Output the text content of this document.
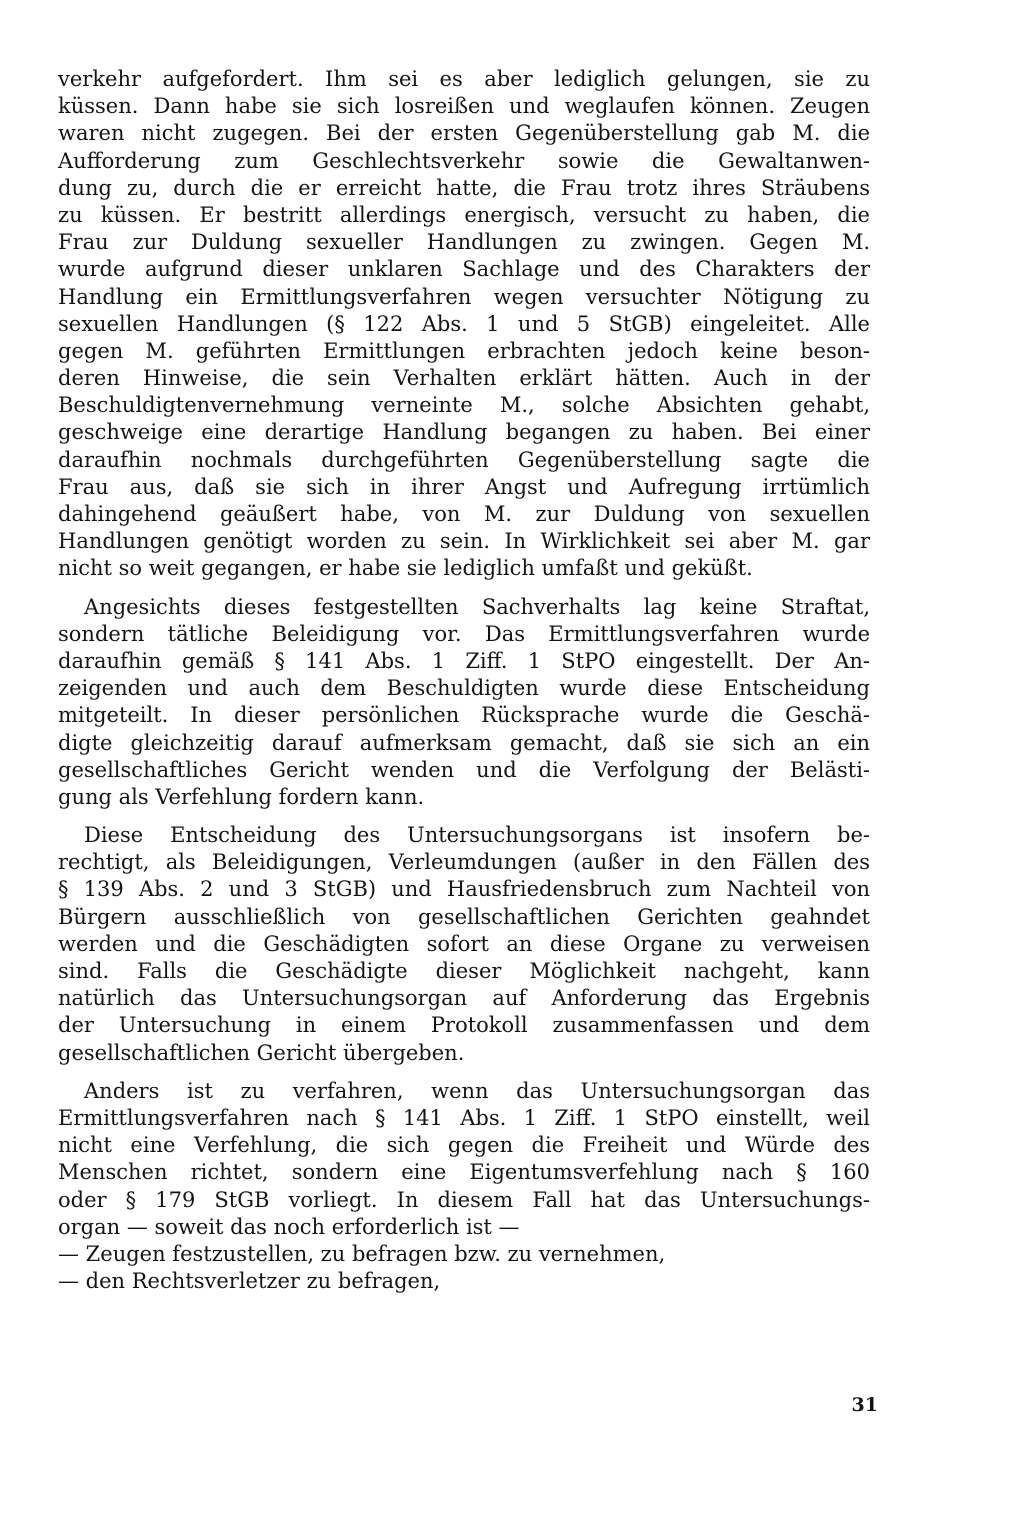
verkehr aufgefordert. Ihm sei es aber lediglich gelungen, sie zu
küssen. Dann habe sie sich losreißen und weglaufen können. Zeugen
waren nicht zugegen. Bei der ersten Gegenüberstellung gab M. die
Aufforderung zum Geschlechtsverkehr sowie die Gewaltanwen-
dung zu, durch die er erreicht hatte, die Frau trotz ihres Sträubens
zu küssen. Er bestritt allerdings energisch, versucht zu haben, die
Frau zur Duldung sexueller Handlungen zu zwingen. Gegen M.
wurde aufgrund dieser unklaren Sachlage und des Charakters der
Handlung ein Ermittlungsverfahren wegen versuchter Nötigung zu
sexuellen Handlungen (§ 122 Abs. 1 und 5 StGB) eingeleitet. Alle
gegen M. geführten Ermittlungen erbrachten jedoch keine beson-
deren Hinweise, die sein Verhalten erklärt hätten. Auch in der
Beschuldigtenvernehmung verneinte M., solche Absichten gehabt,
geschweige eine derartige Handlung begangen zu haben. Bei einer
daraufhin nochmals durchgeführten Gegenüberstellung sagte die
Frau aus, daß sie sich in ihrer Angst und Aufregung irrtümlich
dahingehend geäußert habe, von M. zur Duldung von sexuellen
Handlungen genötigt worden zu sein. In Wirklichkeit sei aber M. gar
nicht so weit gegangen, er habe sie lediglich umfaßt und geküßt.
Angesichts dieses festgestellten Sachverhalts lag keine Straftat,
sondern tätliche Beleidigung vor. Das Ermittlungsverfahren wurde
daraufhin gemäß § 141 Abs. 1 Ziff. 1 StPO eingestellt. Der An-
zeigenden und auch dem Beschuldigten wurde diese Entscheidung
mitgeteilt. In dieser persönlichen Rücksprache wurde die Geschä-
digte gleichzeitig darauf aufmerksam gemacht, daß sie sich an ein
gesellschaftliches Gericht wenden und die Verfolgung der Belästi-
gung als Verfehlung fordern kann.
Diese Entscheidung des Untersuchungsorgans ist insofern be-
rechtigt, als Beleidigungen, Verleumdungen (außer in den Fällen des
§ 139 Abs. 2 und 3 StGB) und Hausfriedensbruch zum Nachteil von
Bürgern ausschließlich von gesellschaftlichen Gerichten geahndet
werden und die Geschädigten sofort an diese Organe zu verweisen
sind. Falls die Geschädigte dieser Möglichkeit nachgeht, kann
natürlich das Untersuchungsorgan auf Anforderung das Ergebnis
der Untersuchung in einem Protokoll zusammenfassen und dem
gesellschaftlichen Gericht übergeben.
Anders ist zu verfahren, wenn das Untersuchungsorgan das
Ermittlungsverfahren nach § 141 Abs. 1 Ziff. 1 StPO einstellt, weil
nicht eine Verfehlung, die sich gegen die Freiheit und Würde des
Menschen richtet, sondern eine Eigentumsverfehlung nach § 160
oder § 179 StGB vorliegt. In diesem Fall hat das Untersuchungs-
organ — soweit das noch erforderlich ist —
— Zeugen festzustellen, zu befragen bzw. zu vernehmen,
— den Rechtsverletzer zu befragen,
31
